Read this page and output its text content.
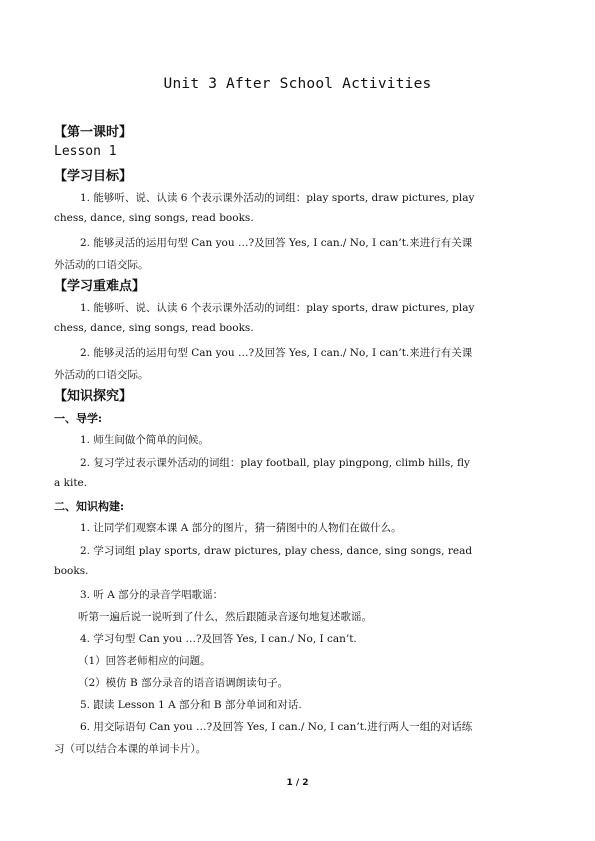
Unit 3 After School Activities
【第一课时】
Lesson 1
【学习目标】
1. 能够听、说、认读 6 个表示课外活动的词组：play sports, draw pictures, play
chess, dance, sing songs, read books.
2. 能够灵活的运用句型 Can you …?及回答 Yes, I can./ No, I can’t.来进行有关课
外活动的口语交际。
【学习重难点】
1. 能够听、说、认读 6 个表示课外活动的词组：play sports, draw pictures, play
chess, dance, sing songs, read books.
2. 能够灵活的运用句型 Can you …?及回答 Yes, I can./ No, I can’t.来进行有关课
外活动的口语交际。
【知识探究】
一、导学:
1. 师生间做个简单的问候。
2. 复习学过表示课外活动的词组：play football, play pingpong, climb hills, fly
a kite.
二、知识构建:
1. 让同学们观察本课 A 部分的图片，猜一猜图中的人物们在做什么。
2. 学习词组 play sports, draw pictures, play chess, dance, sing songs, read
books.
3. 听 A 部分的录音学唱歌谣：
听第一遍后说一说听到了什么，然后跟随录音逐句地复述歌谣。
4. 学习句型 Can you …?及回答 Yes, I can./ No, I can’t.
（1）回答老师相应的问题。
（2）模仿 B 部分录音的语音语调朗读句子。
5. 跟读 Lesson 1 A 部分和 B 部分单词和对话.
6. 用交际语句 Can you …?及回答 Yes, I can./ No, I can’t.进行两人一组的对话练
习（可以结合本课的单词卡片）。
1 / 2
